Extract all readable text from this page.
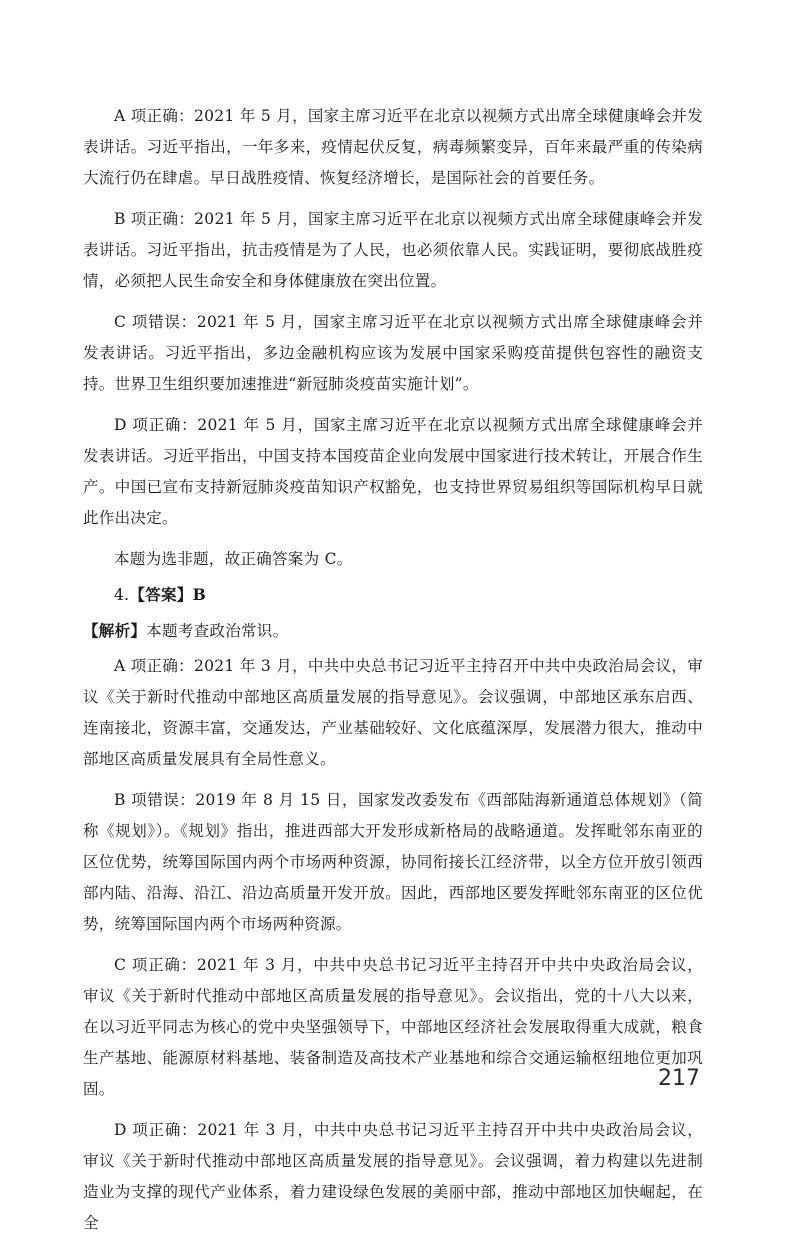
A 项正确：2021 年 5 月，国家主席习近平在北京以视频方式出席全球健康峰会并发表讲话。习近平指出，一年多来，疫情起伏反复，病毒频繁变异，百年来最严重的传染病大流行仍在肆虐。早日战胜疫情、恢复经济增长，是国际社会的首要任务。

B 项正确：2021 年 5 月，国家主席习近平在北京以视频方式出席全球健康峰会并发表讲话。习近平指出，抗击疫情是为了人民，也必须依靠人民。实践证明，要彻底战胜疫情，必须把人民生命安全和身体健康放在突出位置。

C 项错误：2021 年 5 月，国家主席习近平在北京以视频方式出席全球健康峰会并发表讲话。习近平指出，多边金融机构应该为发展中国家采购疫苗提供包容性的融资支持。世界卫生组织要加速推进“新冠肺炎疫苗实施计划”。

D 项正确：2021 年 5 月，国家主席习近平在北京以视频方式出席全球健康峰会并发表讲话。习近平指出，中国支持本国疫苗企业向发展中国家进行技术转让，开展合作生产。中国已宣布支持新冠肺炎疫苗知识产权豁免，也支持世界贸易组织等国际机构早日就此作出决定。

本题为选非题，故正确答案为 C。

4.【答案】B

【解析】本题考查政治常识。

A 项正确：2021 年 3 月，中共中央总书记习近平主持召开中共中央政治局会议，审议《关于新时代推动中部地区高质量发展的指导意见》。会议强调，中部地区承东启西、连南接北，资源丰富，交通发达，产业基础较好、文化底蕴深厚，发展潜力很大，推动中部地区高质量发展具有全局性意义。

B 项错误：2019 年 8 月 15 日，国家发改委发布《西部陆海新通道总体规划》（简称《规划》）。《规划》指出，推进西部大开发形成新格局的战略通道。发挥毗邻东南亚的区位优势，统筹国际国内两个市场两种资源，协同衔接长江经济带，以全方位开放引领西部内陆、沿海、沿江、沿边高质量开发开放。因此，西部地区要发挥毗邻东南亚的区位优势，统筹国际国内两个市场两种资源。

C 项正确：2021 年 3 月，中共中央总书记习近平主持召开中共中央政治局会议，审议《关于新时代推动中部地区高质量发展的指导意见》。会议指出，党的十八大以来，在以习近平同志为核心的党中央坚强领导下，中部地区经济社会发展取得重大成就，粮食生产基地、能源原材料基地、装备制造及高技术产业基地和综合交通运输枢纽地位更加巩固。

D 项正确：2021 年 3 月，中共中央总书记习近平主持召开中共中央政治局会议，审议《关于新时代推动中部地区高质量发展的指导意见》。会议强调，着力构建以先进制造业为支撑的现代产业体系，着力建设绿色发展的美丽中部，推动中部地区加快崛起，在全

217
